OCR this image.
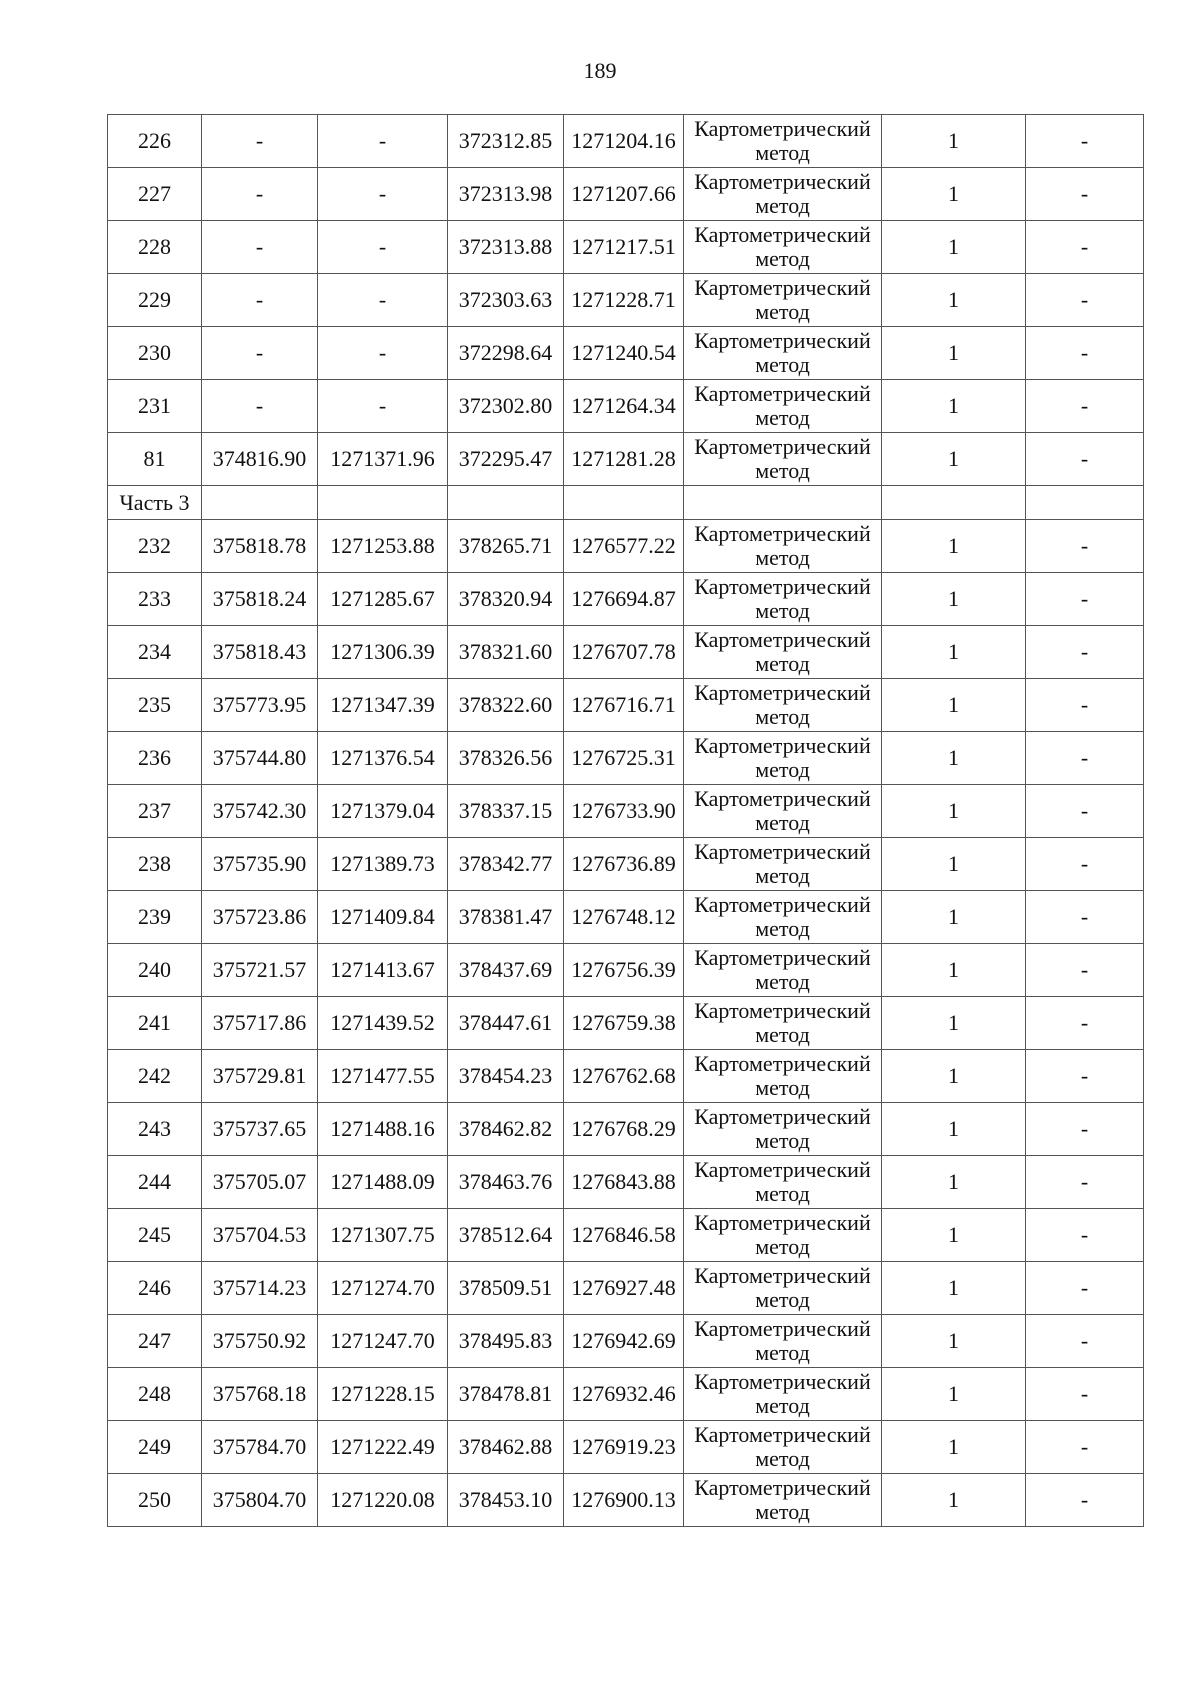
189
226	-	-	372312.85	1271204.16	Картометрический
метод	1	-
227	-	-	372313.98	1271207.66	Картометрический
метод	1	-
228	-	-	372313.88	1271217.51	Картометрический
метод	1	-
229	-	-	372303.63	1271228.71	Картометрический
метод	1	-
230	-	-	372298.64	1271240.54	Картометрический
метод	1	-
231	-	-	372302.80	1271264.34	Картометрический
метод	1	-
81	374816.90	1271371.96	372295.47	1271281.28	Картометрический
метод	1	-
Часть 3							
232	375818.78	1271253.88	378265.71	1276577.22	Картометрический
метод	1	-
233	375818.24	1271285.67	378320.94	1276694.87	Картометрический
метод	1	-
234	375818.43	1271306.39	378321.60	1276707.78	Картометрический
метод	1	-
235	375773.95	1271347.39	378322.60	1276716.71	Картометрический
метод	1	-
236	375744.80	1271376.54	378326.56	1276725.31	Картометрический
метод	1	-
237	375742.30	1271379.04	378337.15	1276733.90	Картометрический
метод	1	-
238	375735.90	1271389.73	378342.77	1276736.89	Картометрический
метод	1	-
239	375723.86	1271409.84	378381.47	1276748.12	Картометрический
метод	1	-
240	375721.57	1271413.67	378437.69	1276756.39	Картометрический
метод	1	-
241	375717.86	1271439.52	378447.61	1276759.38	Картометрический
метод	1	-
242	375729.81	1271477.55	378454.23	1276762.68	Картометрический
метод	1	-
243	375737.65	1271488.16	378462.82	1276768.29	Картометрический
метод	1	-
244	375705.07	1271488.09	378463.76	1276843.88	Картометрический
метод	1	-
245	375704.53	1271307.75	378512.64	1276846.58	Картометрический
метод	1	-
246	375714.23	1271274.70	378509.51	1276927.48	Картометрический
метод	1	-
247	375750.92	1271247.70	378495.83	1276942.69	Картометрический
метод	1	-
248	375768.18	1271228.15	378478.81	1276932.46	Картометрический
метод	1	-
249	375784.70	1271222.49	378462.88	1276919.23	Картометрический
метод	1	-
250	375804.70	1271220.08	378453.10	1276900.13	Картометрический
метод	1	-
